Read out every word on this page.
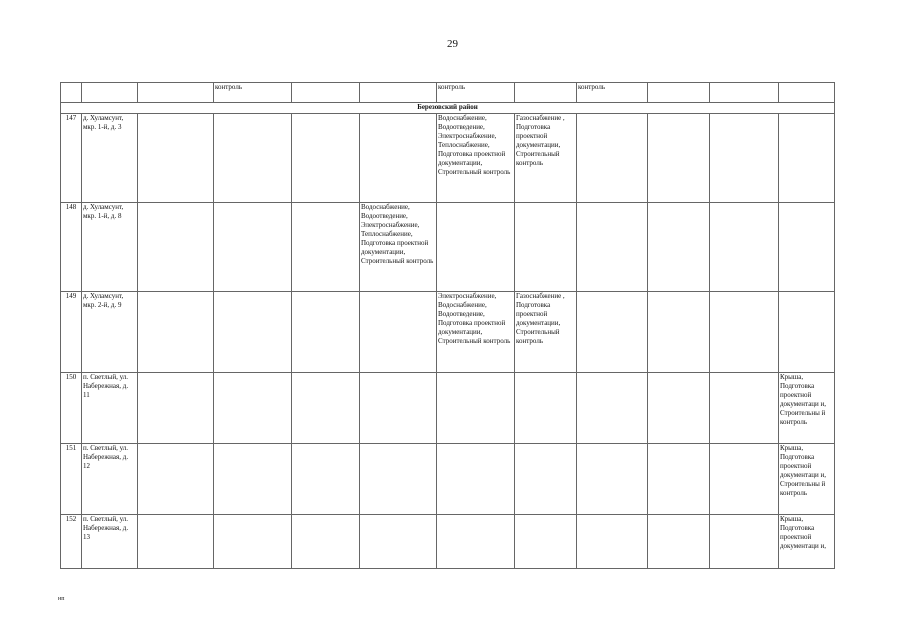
29
			контроль			контроль		контроль			
Березовский район											
147	д. Хуламсунт, мкр. 1-й, д. 3					Водоснабжение, Водоотведение, Электроснабжение, Теплоснабжение, Подготовка проектной документации, Строительный контроль	Газоснабжение , Подготовка проектной документации, Строительный контроль				
148	д. Хуламсунт, мкр. 1-й, д. 8				Водоснабжение, Водоотведение, Электроснабжение, Теплоснабжение, Подготовка проектной документации, Строительный контроль						
149	д. Хуламсунт, мкр. 2-й, д. 9					Электроснабжение, Водоснабжение, Водоотведение, Подготовка проектной документации, Строительный контроль	Газоснабжение , Подготовка проектной документации, Строительный контроль				
150	п. Светлый, ул. Набережная, д. 11										Крыша, Подготовка проектной документаци и, Строительны й контроль
151	п. Светлый, ул. Набережная, д. 12										Крыша, Подготовка проектной документаци и, Строительны й контроль
152	п. Светлый, ул. Набережная, д. 13										Крыша, Подготовка проектной документаци и,
нп
